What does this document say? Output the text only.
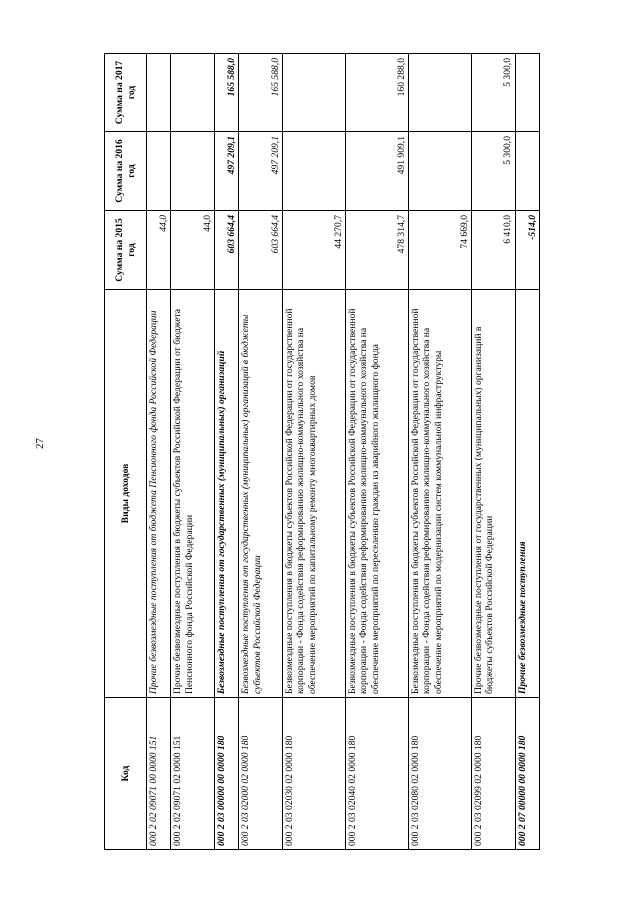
27
Код	Виды доходов	Сумма на 2015 год	Сумма на 2016 год	Сумма на 2017 год
000 2 02 09071 00 0000 151	Прочие безвозмездные поступления от бюджета Пенсионного фонда Российской Федерации	44,0		
000 2 02 09071 02 0000 151	Прочие безвозмездные поступления в бюджеты субъектов Российской Федерации от бюджета Пенсионного фонда Российской Федерации	44,0		
000 2 03 00000 00 0000 180	Безвозмездные поступления от государственных (муниципальных) организаций	603 664,4	497 209,1	165 588,0
000 2 03 02000 02 0000 180	Безвозмездные поступления от государственных (муниципальных) организаций в бюджеты субъектов Российской Федерации	603 664,4	497 209,1	165 588,0
000 2 03 02030 02 0000 180	Безвозмездные поступления в бюджеты субъектов Российской Федерации от государственной корпорации - Фонда содействия реформированию жилищно-коммунального хозяйства на обеспечение мероприятий по капитальному ремонту многоквартирных домов	44 270,7		
000 2 03 02040 02 0000 180	Безвозмездные поступления в бюджеты субъектов Российской Федерации от государственной корпорации - Фонда содействия реформированию жилищно-коммунального хозяйства на обеспечение мероприятий по переселению граждан из аварийного жилищного фонда	478 314,7	491 909,1	160 288,0
000 2 03 02080 02 0000 180	Безвозмездные поступления в бюджеты субъектов Российской Федерации от государственной корпорации - Фонда содействия реформированию жилищно-коммунального хозяйства на обеспечение мероприятий по модернизации систем коммунальной инфраструктуры	74 669,0		
000 2 03 02099 02 0000 180	Прочие безвозмездные поступления от государственных (муниципальных) организаций в бюджеты субъектов Российской Федерации	6 410,0	5 300,0	5 300,0
000 2 07 00000 00 0000 180	Прочие безвозмездные поступления	-514,0		
